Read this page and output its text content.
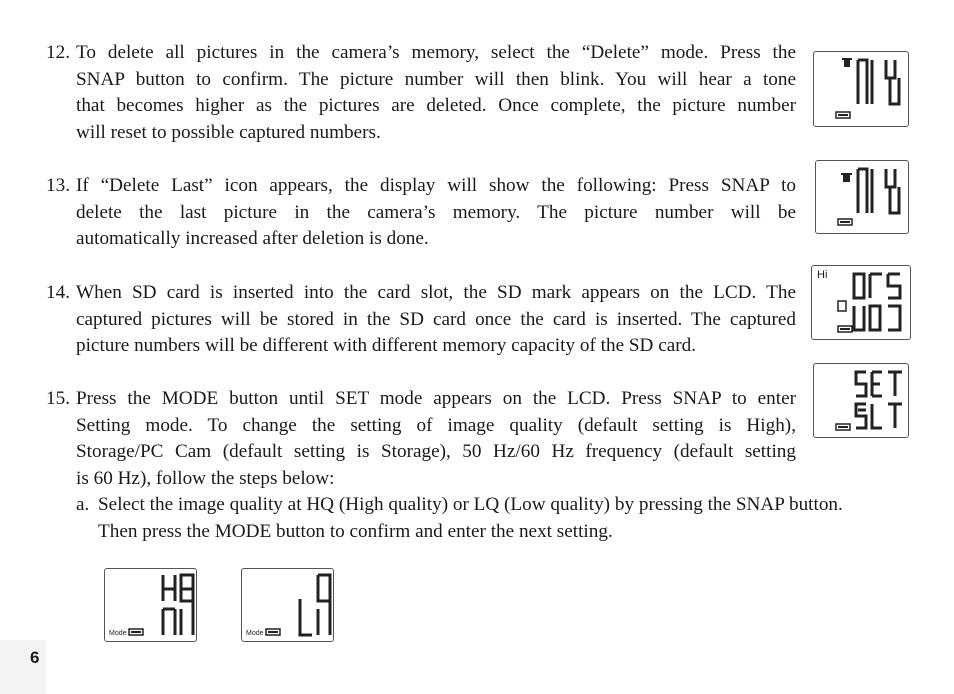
12. To delete all pictures in the camera’s memory, select the “Delete” mode. Press the
SNAP button to confirm. The picture number will then blink. You will hear a tone
that becomes higher as the pictures are deleted. Once complete, the picture number
will reset to possible captured numbers.
13. If “Delete Last” icon appears, the display will show the following: Press SNAP to
delete the last picture in the camera’s memory. The picture number will be
automatically increased after deletion is done.
14. When SD card is inserted into the card slot, the SD mark appears on the LCD. The
captured pictures will be stored in the SD card once the card is inserted. The captured
picture numbers will be different with different memory capacity of the SD card.
15. Press the MODE button until SET mode appears on the LCD. Press SNAP to enter
Setting mode. To change the setting of image quality (default setting is High),
Storage/PC Cam (default setting is Storage), 50 Hz/60 Hz frequency (default setting
is 60 Hz), follow the steps below:
a. Select the image quality at HQ (High quality) or LQ (Low quality) by pressing the SNAP button.
Then press the MODE button to confirm and enter the next setting.
Hi
Mode	Mode
6
